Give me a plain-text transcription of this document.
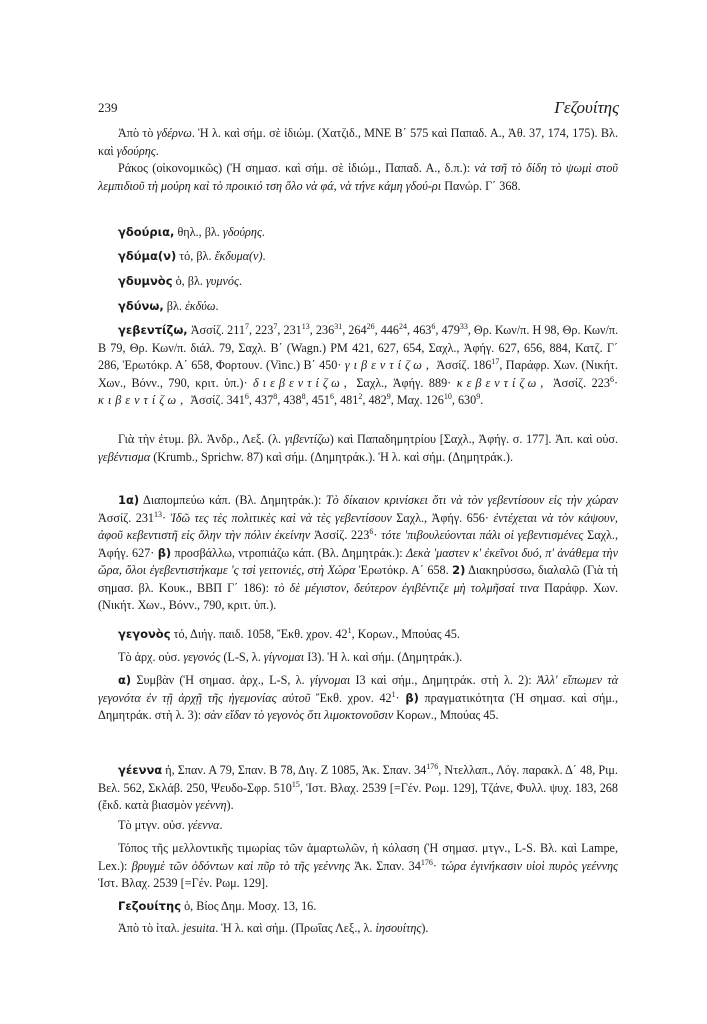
239	Γεζουίτης
Ἀπὸ τὸ γδέρνω. Ἡ λ. καὶ σήμ. σὲ ἰδιώμ. (Χατζιδ., ΜΝΕ Β΄ 575 καὶ Παπαδ. Α., Ἀθ. 37, 174, 175). Βλ. καὶ γδούρης.
Ράκος (οἰκονομικῶς) (Ἡ σημασ. καὶ σήμ. σὲ ἰδιώμ., Παπαδ. Α., δ.π.): νὰ τσῆ τὸ δίδη τὸ ψωμὶ στοῦ λεμπιδιοῦ τὴ μούρη καὶ τὸ προικιό τση ὅλο νὰ φά, νὰ τήνε κάμη γδού-ρι Πανώρ. Γ΄ 368.
γδούρια, θηλ., βλ. γδούρης.
γδύμα(ν) τό, βλ. ἔκδυμα(ν).
γδυμνὸς ὁ, βλ. γυμνός.
γδύνω, βλ. ἐκδύω.
γεβεντίζω, Ἀσσίζ. $211^7$, $223^7$, $231^{13}$, $236^{31}$, $264^{26}$, $446^{24}$, $463^6$, $479^{33}$, Θρ. Κων/π. Η 98, Θρ. Κων/π. Β 79, Θρ. Κων/π. διάλ. 79, Σαχλ. Β΄ (Wagn.) PM 421, 627, 654, Σαχλ., Ἀφήγ. 627, 656, 884, Κατζ. Γ΄ 286, Ἐρωτόκρ. Α΄ 658, Φορτουν. (Vinc.) Β΄ 450· γιβεντίζω, Ἀσσίζ. $186^{17}$, Παράφρ. Χων. (Νικήτ. Χων., Βόνν., 790, κριτ. ὑπ.)· διεβεντίζω, Σαχλ., Ἀφήγ. 889· κεβεντίζω, Ἀσσίζ. $223^6\cdot \kappa\iota\beta\varepsilon\nu\tau ί\zeta\omega$, Ἀσσίζ. $341^6$, $437^8$, $438^8$, $451^6$, $481^2$, $482^9$, Μαχ. $126^{10}$, $630^9$.
Γιὰ τὴν ἐτυμ. βλ. Ἀνδρ., Λεξ. (λ. γιβεντίζω) καὶ Παπαδημητρίου [Σαχλ., Ἀφήγ. σ. 177]. Ἀπ. καὶ οὐσ. γεβέντισμα (Krumb., Sprichw. 87) καὶ σήμ. (Δημητράκ.). Ἡ λ. καὶ σήμ. (Δημητράκ.).
1α) Διαπομπεύω κάπ. (Βλ. Δημητράκ.): Τὸ δίκαιον κρινίσκει ὅτι νὰ τὸν γεβεντίσουν εἰς τὴν χώραν Ἀσσίζ. $231^{13}\cdot$ Ἰδῶ τες τὲς πολιτικὲς καὶ νὰ τὲς γεβεντίσουν Σαχλ., Ἀφήγ. 656· ἐντέχεται νὰ τὸν κάψουν, ἀφοῦ κεβεντιστῆ εἰς ὅλην τὴν πόλιν ἐκείνην Ἀσσίζ. $223^6\cdot \tau ό\tau\varepsilon$ 'πιβουλεύονται πάλι οἱ γεβεντισμένες Σαχλ., Ἀφήγ. 627· β) προσβάλλω, ντροπιάζω κάπ. (Βλ. Δημητράκ.): Δεκὰ 'μαστεν κ' ἐκεῖνοι δυό, π' ἀνάθεμα τὴν ὥρα, ὅλοι ἐγεβεντιστήκαμε 'ς τσὶ γειτονιές, στὴ Χώρα Ἐρωτόκρ. Α΄ 658. 2) Διακηρύσσω, διαλαλῶ (Γιὰ τὴ σημασ. βλ. Κουκ., ΒΒΠ Γ΄ 186): τὸ δὲ μέγιστον, δεύτερον ἐγιβέντιζε μὴ τολμῆσαί τινα Παράφρ. Χων. (Νικήτ. Χων., Βόνν., 790, κριτ. ὑπ.).
γεγονὸς τό, Διήγ. παιδ. 1058, Ἔκθ. χρον. $42^1$, Κορων., Μπούας 45.
Τὸ ἀρχ. οὐσ. γεγονός (L-S, λ. γίγνομαι Ι3). Ἡ λ. καὶ σήμ. (Δημητράκ.).
α) Συμβὰν (Ἡ σημασ. ἀρχ., L-S, λ. γίγνομαι Ι3 καὶ σήμ., Δημητράκ. στὴ λ. 2): Ἀλλ' εἴπωμεν τὰ γεγονότα ἐν τῇ ἀρχῇ τῆς ἡγεμονίας αὐτοῦ Ἔκθ. χρον. $42^1\cdot \beta$) πραγματικότητα (Ἡ σημασ. καὶ σήμ., Δημητράκ. στὴ λ. 3): σὰν εἴδαν τὸ γεγονὸς ὅτι λιμοκτονοῦσιν Κορων., Μπούας 45.
γέεννα ἡ, Σπαν. Α 79, Σπαν. Β 78, Διγ. Ζ 1085, Ἀκ. Σπαν. $34^{176}$, Ντελλαπ., Λόγ. παρακλ. Δ΄ 48, Ριμ. Βελ. 562, Σκλάβ. 250, Ψευδο-Σφρ. $510^{15}$, Ἱστ. Βλαχ. 2539 [=Γέν. Ρωμ. 129], Τζάνε, Φυλλ. ψυχ. 183, 268 (ἔκδ. κατὰ βιασμὸν γεέννη).
Τὸ μτγν. οὐσ. γέεννα.
Τόπος τῆς μελλοντικῆς τιμωρίας τῶν ἁμαρτωλῶν, ἡ κόλαση (Ἡ σημασ. μτγν., L-S. Βλ. καὶ Lampe, Lex.): βρυγμὲ τῶν ὀδόντων καὶ πῦρ τὸ τῆς γεέννης Ἀκ. Σπαν. $34^{176}\cdot \tau ώ\rho\alpha$ ἐγινήκασιν υἱοὶ πυρὸς γεέννης Ἱστ. Βλαχ. 2539 [=Γέν. Ρωμ. 129].
Γεζουίτης ὁ, Βίος Δημ. Μοσχ. 13, 16.
Ἀπὸ τὸ ἰταλ. jesuita. Ἡ λ. καὶ σήμ. (Πρωΐας Λεξ., λ. ἰησουίτης).
